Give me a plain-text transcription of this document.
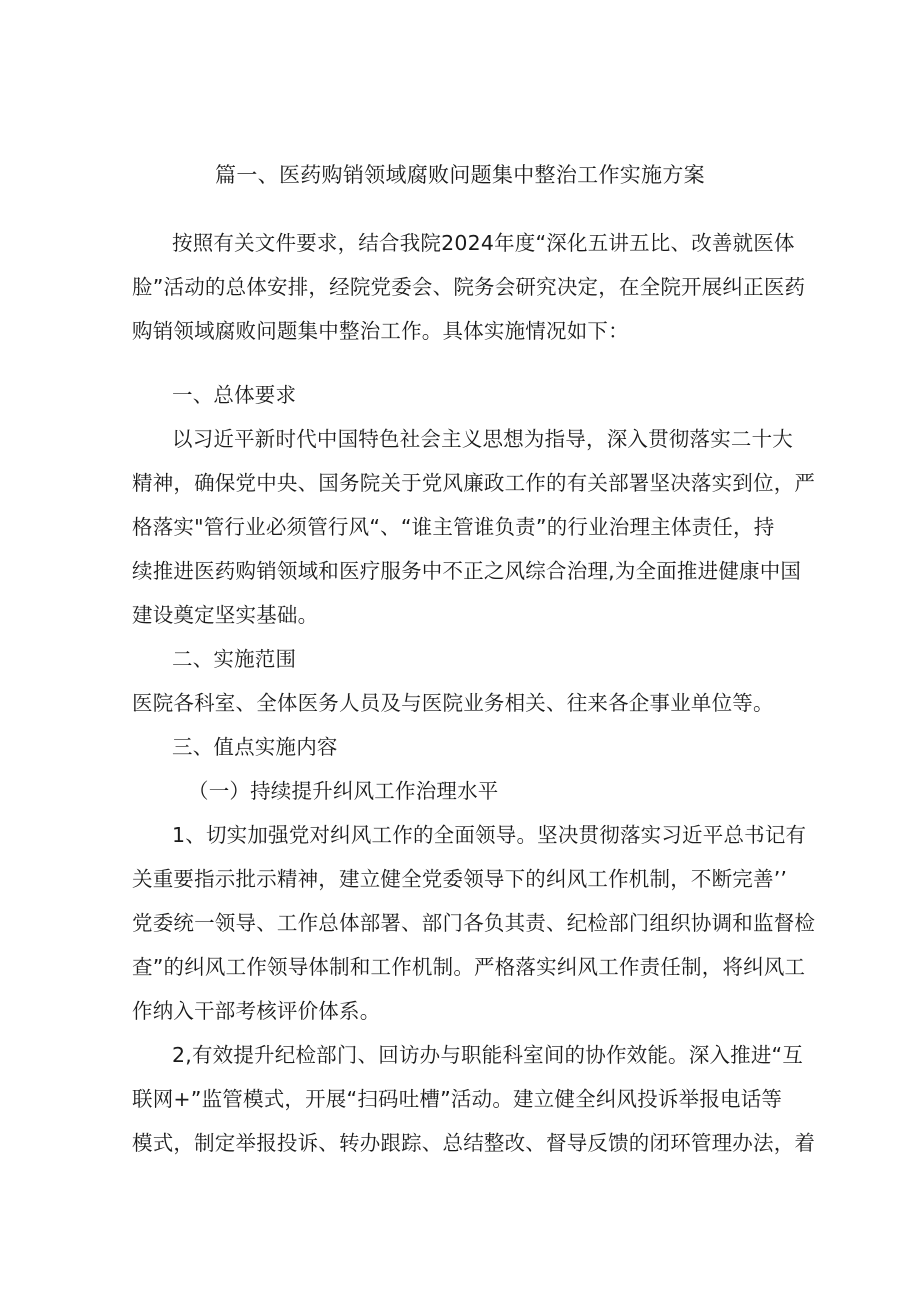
篇一、医药购销领域腐败问题集中整治工作实施方案
按照有关文件要求，结合我院2024年度“深化五讲五比、改善就医体
脸”活动的总体安排，经院党委会、院务会研究决定，在全院开展纠正医药
购销领域腐败问题集中整治工作。具体实施情况如下：
一、总体要求
以习近平新时代中国特色社会主义思想为指导，深入贯彻落实二十大
精神，确保党中央、国务院关于党风廉政工作的有关部署坚决落实到位，严
格落实"管行业必须管行风“、“谁主管谁负责”的行业治理主体责任，持
续推进医药购销领域和医疗服务中不正之风综合治理,为全面推进健康中国
建设奠定坚实基础。
二、实施范围
医院各科室、全体医务人员及与医院业务相关、往来各企事业单位等。
三、值点实施内容
（一）持续提升纠风工作治理水平
1、切实加强党对纠风工作的全面领导。坚决贯彻落实习近平总书记有
关重要指示批示精神，建立健全党委领导下的纠风工作机制，不断完善’’
党委统一领导、工作总体部署、部门各负其责、纪检部门组织协调和监督检
查”的纠风工作领导体制和工作机制。严格落实纠风工作责任制，将纠风工
作纳入干部考核评价体系。
2,有效提升纪检部门、回访办与职能科室间的协作效能。深入推进“互
联网+”监管模式，开展“扫码吐槽”活动。建立健全纠风投诉举报电话等
模式，制定举报投诉、转办跟踪、总结整改、督导反馈的闭环管理办法，着
